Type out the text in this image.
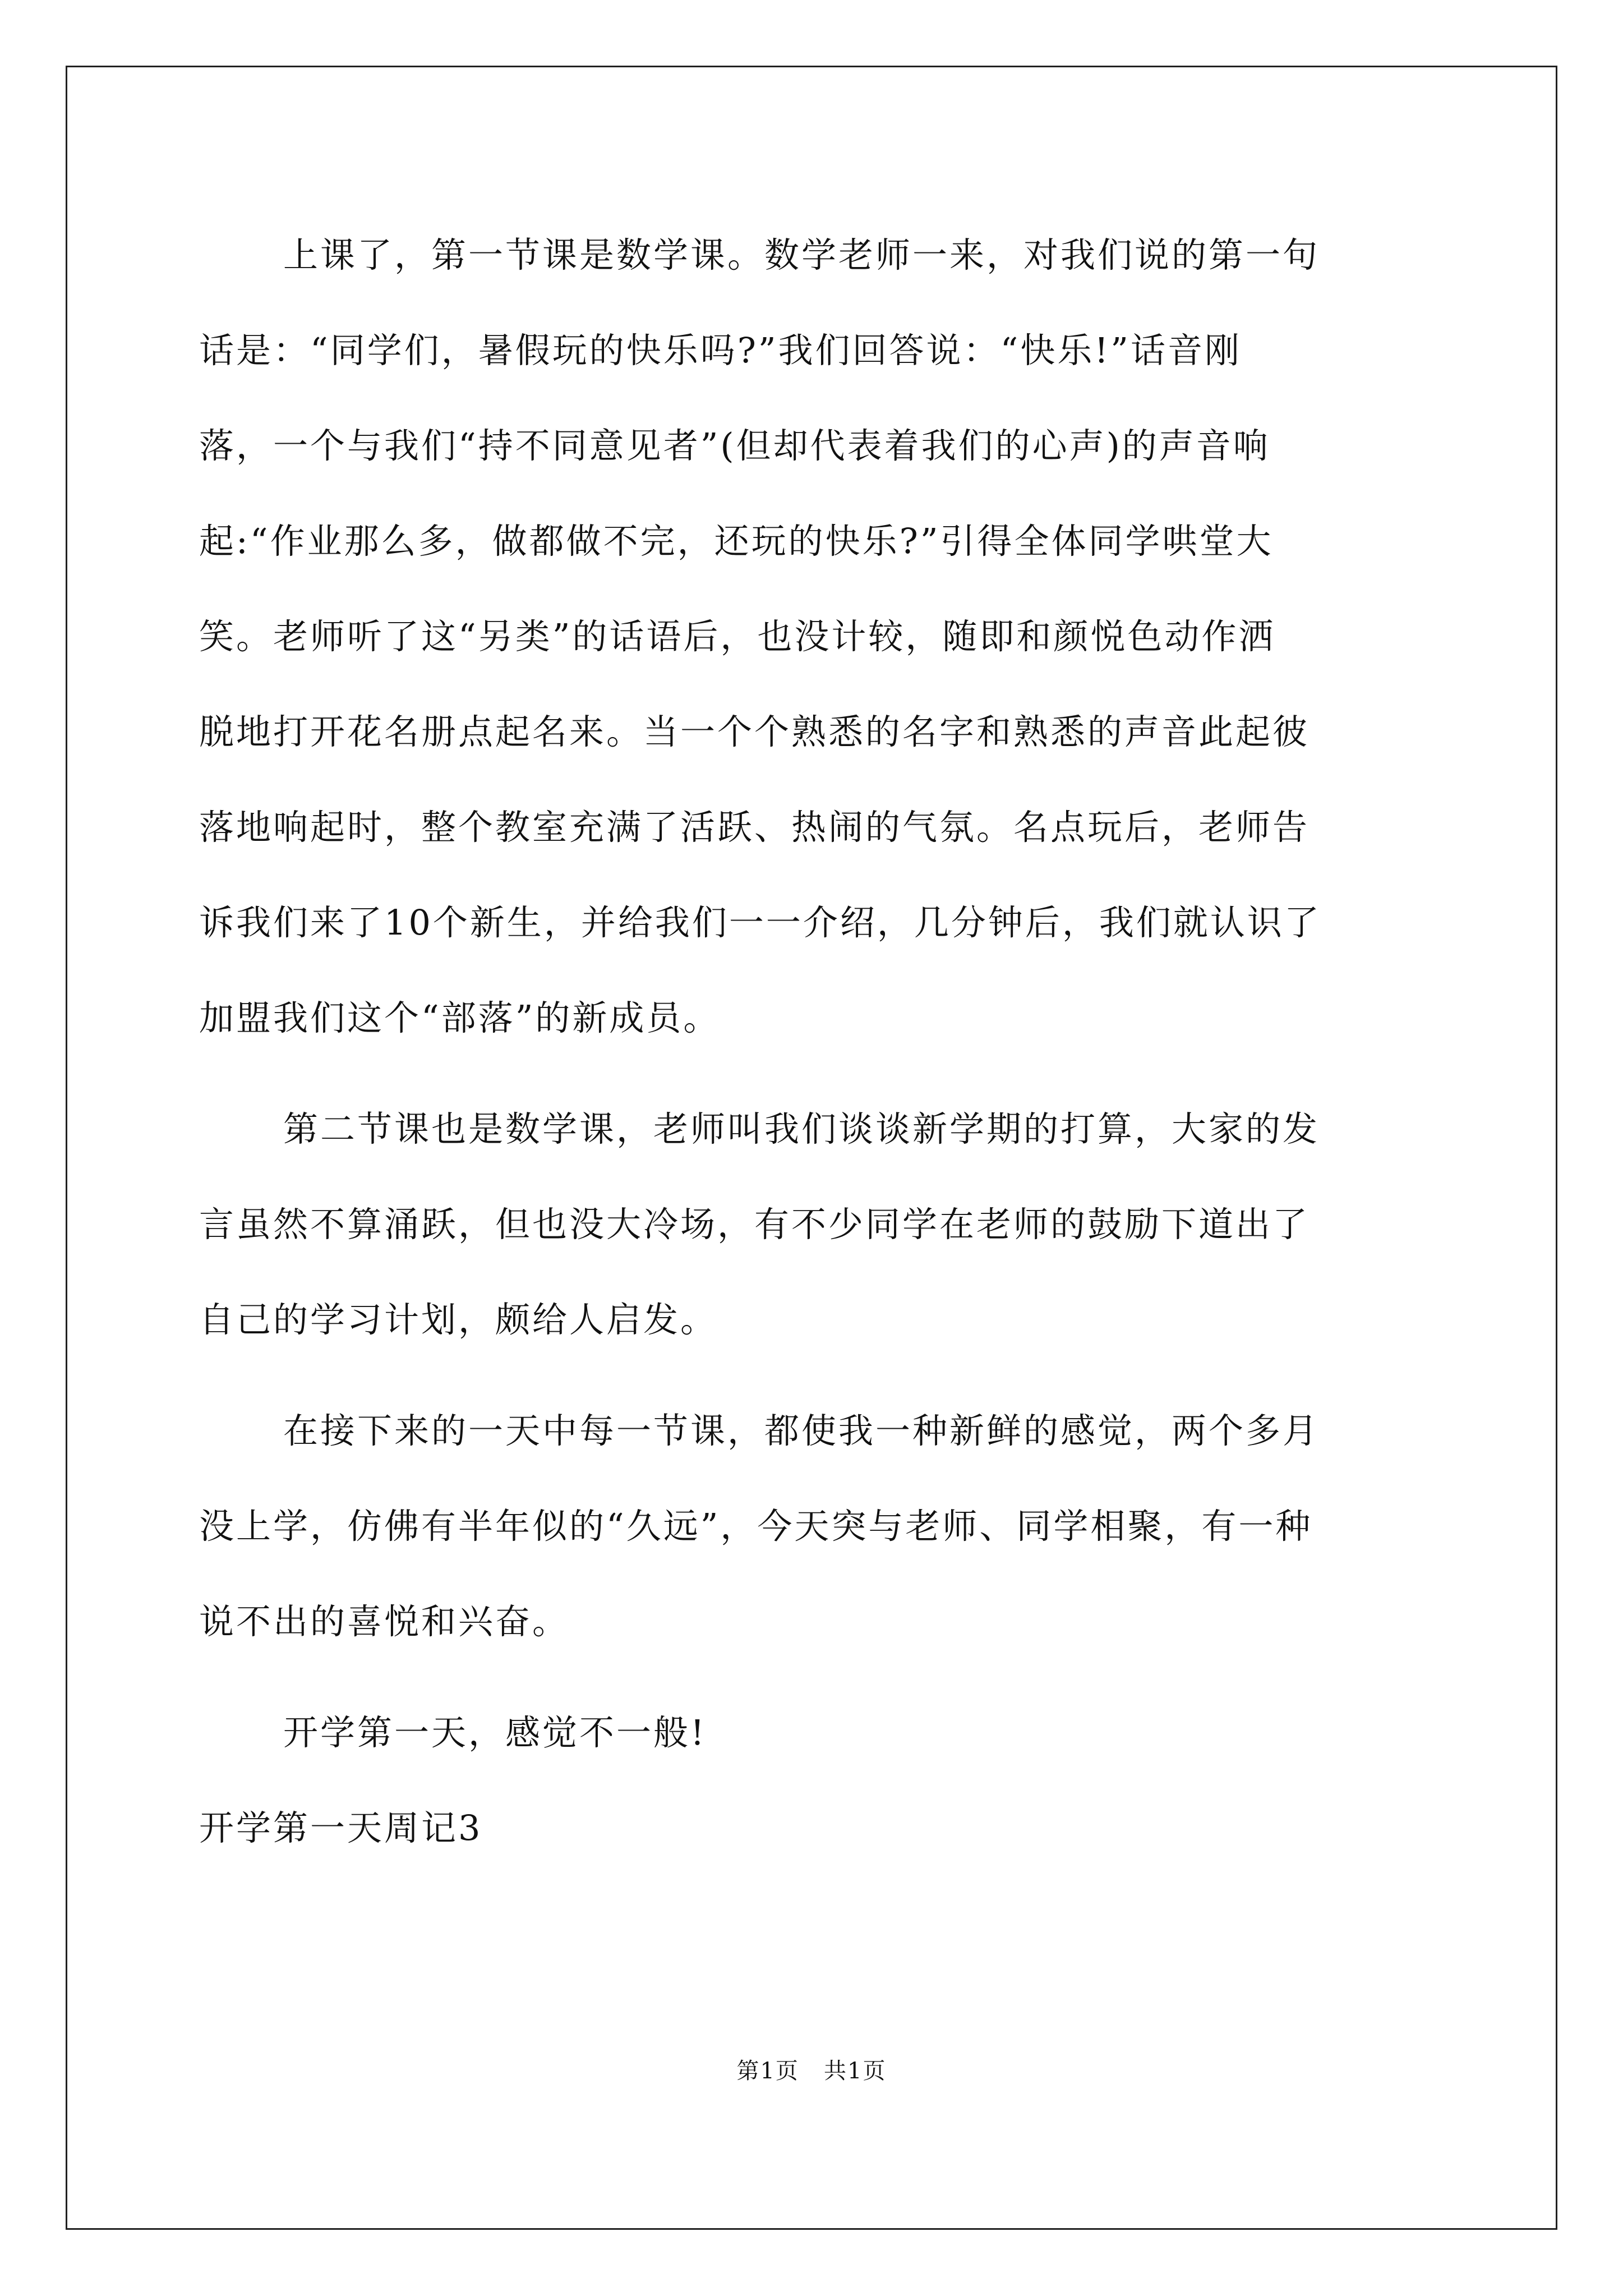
上课了，第一节课是数学课。数学老师一来，对我们说的第一句
话是：“同学们，暑假玩的快乐吗?”我们回答说：“快乐!”话音刚
落，一个与我们“持不同意见者”(但却代表着我们的心声)的声音响
起:“作业那么多，做都做不完，还玩的快乐?”引得全体同学哄堂大
笑。老师听了这“另类”的话语后，也没计较，随即和颜悦色动作洒
脱地打开花名册点起名来。当一个个熟悉的名字和熟悉的声音此起彼
落地响起时，整个教室充满了活跃、热闹的气氛。名点玩后，老师告
诉我们来了10个新生，并给我们一一介绍，几分钟后，我们就认识了
加盟我们这个“部落”的新成员。
第二节课也是数学课，老师叫我们谈谈新学期的打算，大家的发
言虽然不算涌跃，但也没大冷场，有不少同学在老师的鼓励下道出了
自己的学习计划，颇给人启发。
在接下来的一天中每一节课，都使我一种新鲜的感觉，两个多月
没上学，仿佛有半年似的“久远”，今天突与老师、同学相聚，有一种
说不出的喜悦和兴奋。
开学第一天，感觉不一般!
开学第一天周记3
第1页   共1页
